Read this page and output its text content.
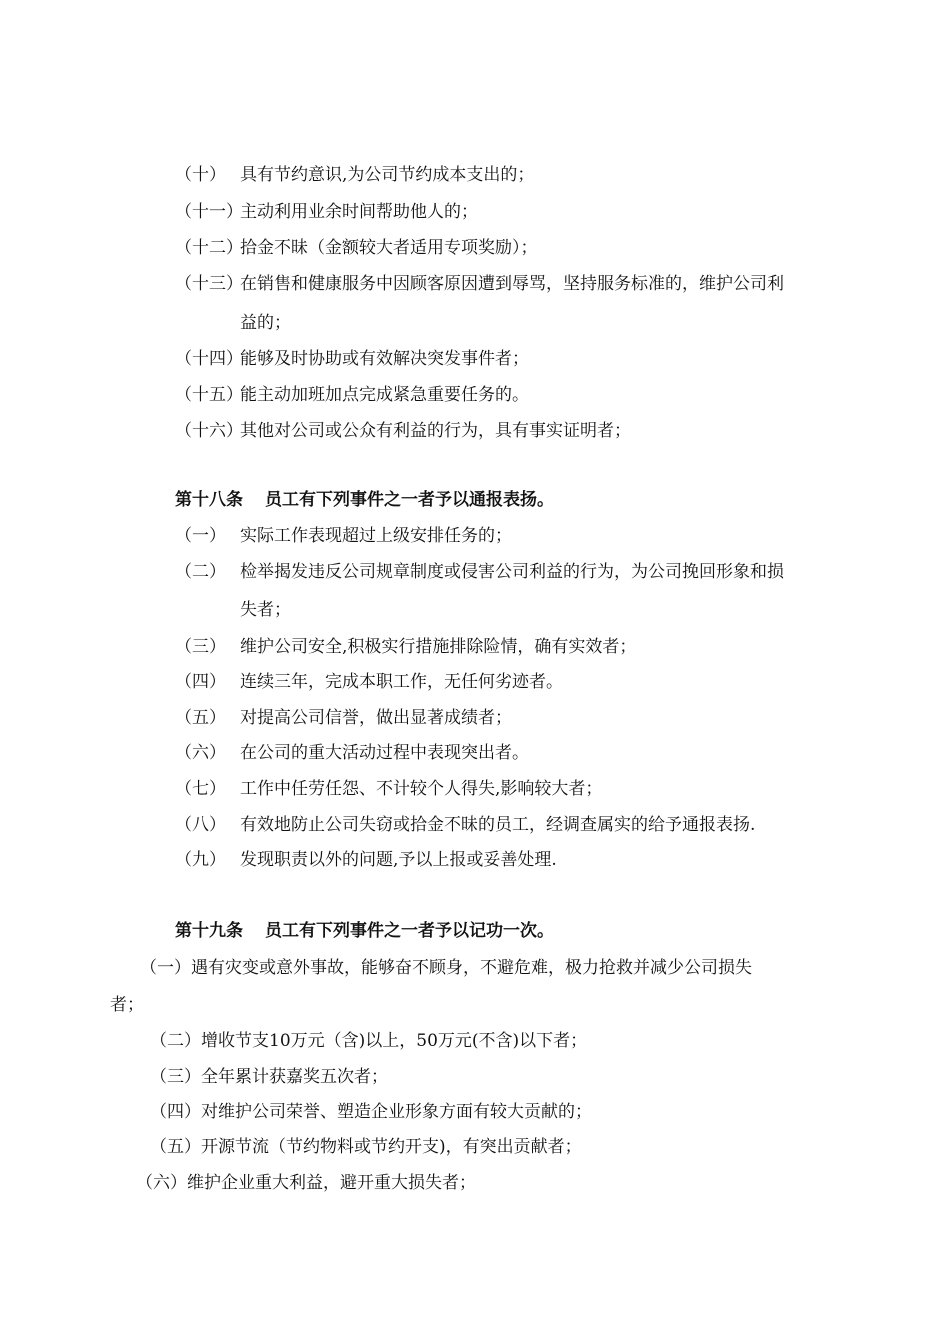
（十） 具有节约意识,为公司节约成本支出的；
（十一）
主动利用业余时间帮助他人的；
（十二）
拾金不昧（金额较大者适用专项奖励）；
（十三）
在销售和健康服务中因顾客原因遭到辱骂，坚持服务标准的，维护公司利
益的；
（十四）
能够及时协助或有效解决突发事件者；
（十五）
能主动加班加点完成紧急重要任务的。
（十六）
其他对公司或公众有利益的行为，具有事实证明者；
第十八条 员工有下列事件之一者予以通报表扬。
（一） 实际工作表现超过上级安排任务的；
（二） 检举揭发违反公司规章制度或侵害公司利益的行为，为公司挽回形象和损
失者；
（三） 维护公司安全,积极实行措施排除险情，确有实效者；
（四） 连续三年，完成本职工作，无任何劣迹者。
（五） 对提高公司信誉，做出显著成绩者；
（六） 在公司的重大活动过程中表现突出者。
（七） 工作中任劳任怨、不计较个人得失,影响较大者；
（八） 有效地防止公司失窃或拾金不昧的员工，经调查属实的给予通报表扬.
（九） 发现职责以外的问题,予以上报或妥善处理.
第十九条 员工有下列事件之一者予以记功一次。
（一）遇有灾变或意外事故，能够奋不顾身，不避危难，极力抢救并减少公司损失
者；
（二）增收节支10万元（含)以上，50万元(不含)以下者；
（三）全年累计获嘉奖五次者；
（四）对维护公司荣誉、塑造企业形象方面有较大贡献的；
（五）开源节流（节约物料或节约开支)，有突出贡献者；
（六）维护企业重大利益，避开重大损失者；
